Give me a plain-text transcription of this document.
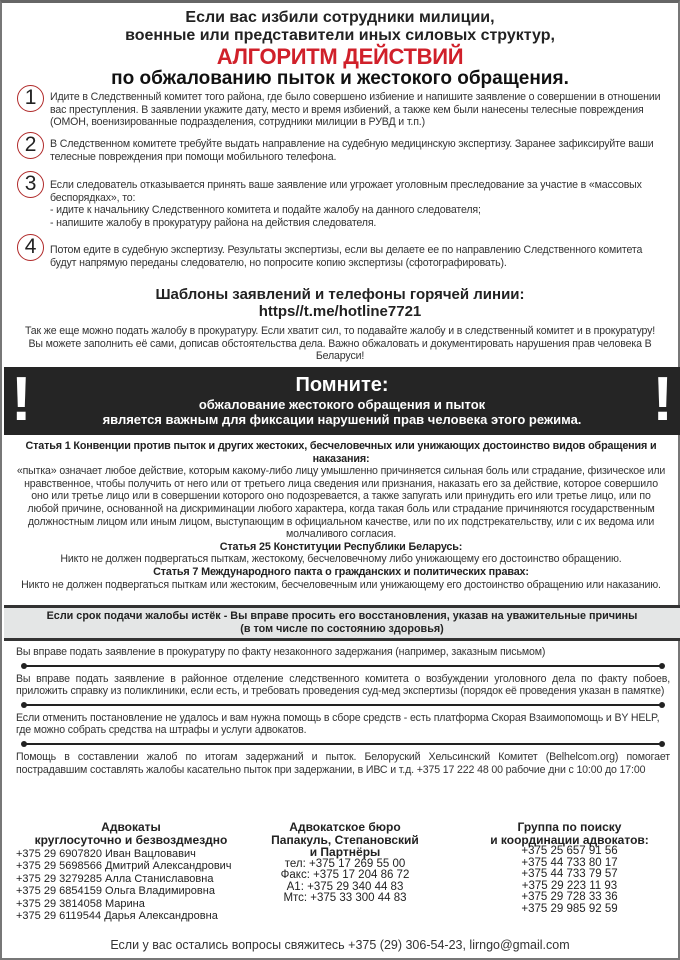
Если вас избили сотрудники милиции,
военные или представители иных силовых структур,
АЛГОРИТМ ДЕЙСТВИЙ
по обжалованию пыток и жестокого обращения.
1	Идите в Следственный комитет того района, где было совершено избиение и напишите заявление о совершении в отношении вас преступления. В заявлении укажите дату, место и время избиений, а также кем были нанесены телесные повреждения (ОМОН, военизированные подразделения, сотрудники милиции в РУВД и т.п.)
2	В Следственном комитете требуйте выдать направление на судебную медицинскую экспертизу. Заранее зафиксируйте ваши телесные повреждения при помощи мобильного телефона.
3	Если следователь отказывается принять ваше заявление или угрожает уголовным преследование за участие в «массовых беспорядках», то:
- идите к начальнику Следственного комитета и подайте жалобу на данного следователя;
- напишите жалобу в прокуратуру района на действия следователя.
4	Потом едите в судебную экспертизу. Результаты экспертизы, если вы делаете ее по направлению Следственного комитета будут напрямую переданы следователю, но попросите копию экспертизы (сфотографировать).
Шаблоны заявлений и телефоны горячей линии:
https//t.me/hotline7721
Так же еще можно подать жалобу в прокуратуру. Если хватит сил, то подавайте жалобу и в следственный комитет и в прокуратуру! Вы можете заполнить её сами, дописав обстоятельства дела. Важно обжаловать и документировать нарушения прав человека В Беларуси!
!	!
Помните:
обжалование жестокого обращения и пыток
является важным для фиксации нарушений прав человека этого режима.
Статья 1 Конвенции против пыток и других жестоких, бесчеловечных или унижающих достоинство видов обращения и наказания:
«пытка» означает любое действие, которым какому-либо лицу умышленно причиняется сильная боль или страдание, физическое или нравственное, чтобы получить от него или от третьего лица сведения или признания, наказать его за действие, которое совершило оно или третье лицо или в совершении которого оно подозревается, а также запугать или принудить его или третье лицо, или по любой причине, основанной на дискриминации любого характера, когда такая боль или страдание причиняются государственным должностным лицом или иным лицом, выступающим в официальном качестве, или по их подстрекательству, или с их ведома или молчаливого согласия.
Статья 25 Конституции Республики Беларусь:
Никто не должен подвергаться пыткам, жестокому, бесчеловечному либо унижающему его достоинство обращению.
Статья 7 Международного пакта о гражданских и политических правах:
Никто не должен подвергаться пыткам или жестоким, бесчеловечным или унижающему его достоинство обращению или наказанию.
Если срок подачи жалобы истёк - Вы вправе просить его восстановления, указав на уважительные причины
(в том числе по состоянию здоровья)
Вы вправе подать заявление в прокуратуру по факту незаконного задержания (например, заказным письмом)
Вы вправе подать заявление в районное отделение следственного комитета о возбуждении уголовного дела по факту побоев, приложить справку из поликлиники, если есть, и требовать проведения суд-мед экспертизы (порядок её проведения указан в памятке)
Если отменить постановление не удалось и вам нужна помощь в сборе средств - есть платформа Скорая Взаимопомощь и BY HELP, где можно собрать средства на штрафы и услуги адвокатов.
Помощь в составлении жалоб по итогам задержаний и пыток. Белоруский Хельсинский Комитет (Belhelcom.org) помогает пострадавшим составлять жалобы касательно пыток при задержании, в ИВС и т.д. +375 17 222 48 00 рабочие дни с 10:00 до 17:00
Адвокаты
круглосуточно и безвоздмездно
+375 29 6907820 Иван Вацловавич
+375 29 5698566 Дмитрий Александрович
+375 29 3279285 Алла Станиславовна
+375 29 6854159 Ольга Владимировна
+375 29 3814058 Марина
+375 29 6119544 Дарья Александровна
Адвокатское бюро
Папакуль, Степановский
и Партнёры
тел: +375 17 269 55 00
Факс: +375 17 204 86 72
А1: +375 29 340 44 83
Мтс: +375 33 300 44 83
Группа по поиску
и координации адвокатов:
+375 25 657 91 56
+375 44 733 80 17
+375 44 733 79 57
+375 29 223 11 93
+375 29 728 33 36
+375 29 985 92 59
Если у вас остались вопросы свяжитесь +375 (29) 306-54-23, lirngo@gmail.com
